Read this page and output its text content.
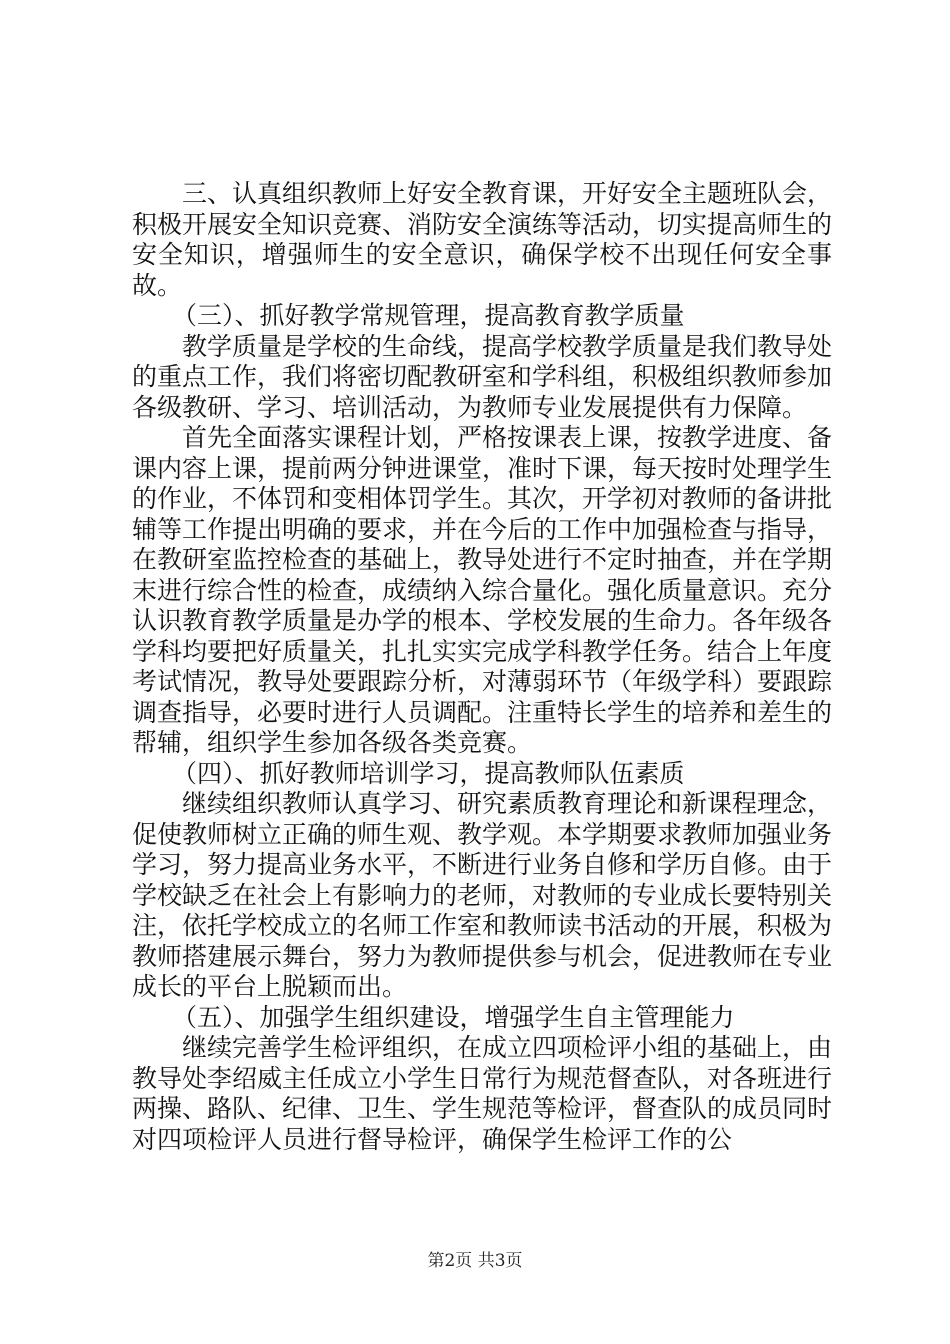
三、认真组织教师上好安全教育课，开好安全主题班队会，积极开展安全知识竞赛、消防安全演练等活动，切实提高师生的安全知识，增强师生的安全意识，确保学校不出现任何安全事故。

（三）、抓好教学常规管理，提高教育教学质量

教学质量是学校的生命线，提高学校教学质量是我们教导处的重点工作，我们将密切配教研室和学科组，积极组织教师参加各级教研、学习、培训活动，为教师专业发展提供有力保障。

首先全面落实课程计划，严格按课表上课，按教学进度、备课内容上课，提前两分钟进课堂，准时下课，每天按时处理学生的作业，不体罚和变相体罚学生。其次，开学初对教师的备讲批辅等工作提出明确的要求，并在今后的工作中加强检查与指导，在教研室监控检查的基础上，教导处进行不定时抽查，并在学期末进行综合性的检查，成绩纳入综合量化。强化质量意识。充分认识教育教学质量是办学的根本、学校发展的生命力。各年级各学科均要把好质量关，扎扎实实完成学科教学任务。结合上年度考试情况，教导处要跟踪分析，对薄弱环节（年级学科）要跟踪调查指导，必要时进行人员调配。注重特长学生的培养和差生的帮辅，组织学生参加各级各类竞赛。

（四）、抓好教师培训学习，提高教师队伍素质

继续组织教师认真学习、研究素质教育理论和新课程理念，促使教师树立正确的师生观、教学观。本学期要求教师加强业务学习，努力提高业务水平，不断进行业务自修和学历自修。由于学校缺乏在社会上有影响力的老师，对教师的专业成长要特别关注，依托学校成立的名师工作室和教师读书活动的开展，积极为教师搭建展示舞台，努力为教师提供参与机会，促进教师在专业成长的平台上脱颖而出。

（五）、加强学生组织建设，增强学生自主管理能力

继续完善学生检评组织，在成立四项检评小组的基础上，由教导处李绍威主任成立小学生日常行为规范督查队，对各班进行两操、路队、纪律、卫生、学生规范等检评，督查队的成员同时对四项检评人员进行督导检评，确保学生检评工作的公

第2页 共3页
